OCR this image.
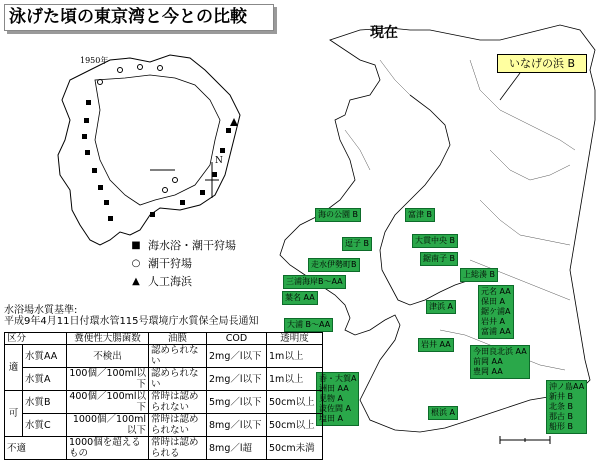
泳げた頃の東京湾と今との比較
1950年
N
■ 海水浴・潮干狩場
○ 潮干狩場
▲ 人工海浜
現在
いなげの浜 B
海の公園 B	富津 B
逗子 B	大貫中央 B
走水伊勢町B
鋸南子 B
三浦海岸B～AA
上総湊 B
葉名 AA
元名 AA
保田 A
鋸ケ浦A
岩井 A
富浦 AA
津浜 A
大浦 B～AA
岩井 AA
今田良北浜 AA
前岡 AA
豊岡 AA
香・大賀A
洲田 AA
見物 A
波佐間 A
塩田 A
沖ノ島AA
新井 B
北条 B
那古 B
船形 B
根浜 A
水浴場水質基準:
平成9年4月11日付環水管115号環境庁水質保全局長通知
区分		糞便性大腸菌数	油膜	COD	透明度
適	水質AA	不検出	認められない	2mg／l以下	1m以上
	水質A	100個／100ml以下	認められない	2mg／l以下	1m以上
可	水質B	400個／100ml以下	常時は認められない	5mg／l以下	50cm以上
	水質C	1000個／100ml以下	常時は認められない	8mg／l以下	50cm以上
不適		1000個を超えるもの	常時は認められる	8mg／l超	50cm未満
